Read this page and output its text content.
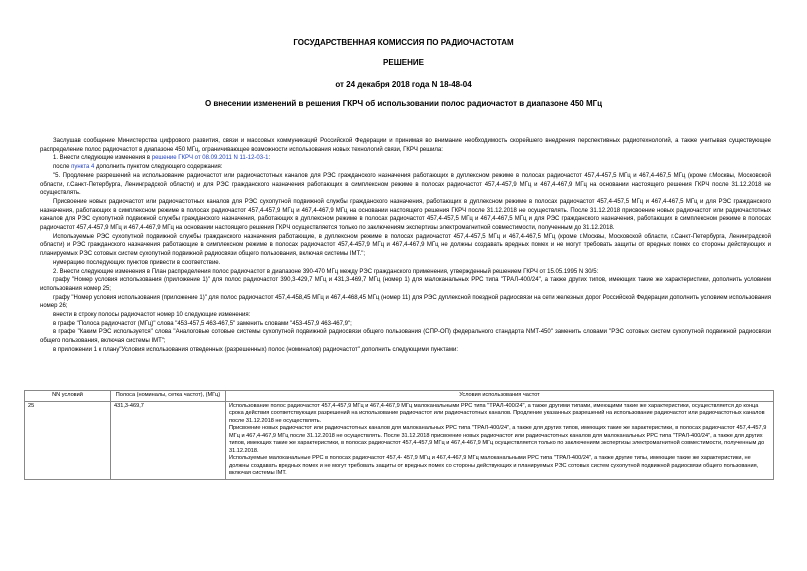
ГОСУДАРСТВЕННАЯ КОМИССИЯ ПО РАДИОЧАСТОТАМ
РЕШЕНИЕ
от 24 декабря 2018 года N 18-48-04
О внесении изменений в решения ГКРЧ об использовании полос радиочастот в диапазоне 450 МГц

Заслушав сообщение Министерства цифрового развития, связи и массовых коммуникаций Российской Федерации и принимая во внимание необходимость скорейшего внедрения перспективных радиотехнологий, а также учитывая существующее распределение полос радиочастот в диапазоне 450 МГц, ограничивающее возможности использования новых технологий связи, ГКРЧ решила:

1. Внести следующие изменения в решение ГКРЧ от 08.09.2011 N 11-12-03-1:

после пункта 4 дополнить пунктом следующего содержания:

"5. Продление разрешений на использование радиочастот или радиочастотных каналов для РЭС гражданского назначения работающих в дуплексном режиме в полосах радиочастот 457,4-457,5 МГц и 467,4-467,5 МГц (кроме г.Москвы, Московской области, г.Санкт-Петербурга, Ленинградской области) и для РЭС гражданского назначения работающих в симплексном режиме в полосах радиочастот 457,4-457,9 МГц и 467,4-467,9 МГц на основании настоящего решения ГКРЧ после 31.12.2018 не осуществлять.

Присвоение новых радиочастот или радиочастотных каналов для РЭС сухопутной подвижной службы гражданского назначения, работающих в дуплексном режиме в полосах радиочастот 457,4-457,5 МГц и 467,4-467,5 МГц и для РЭС гражданского назначения, работающих в симплексном режиме в полосах радиочастот 457,4-457,9 МГц и 467,4-467,9 МГц на основании настоящего решения ГКРЧ после 31.12.2018 не осуществлять. После 31.12.2018 присвоение новых радиочастот или радиочастотных каналов для РЭС сухопутной подвижной службы гражданского назначения, работающих в дуплексном режиме в полосах радиочастот 457,4-457,5 МГц и 467,4-467,5 МГц и для РЭС гражданского назначения, работающих в симплексном режиме в полосах радиочастот 457,4-457,9 МГц и 467,4-467,9 МГц на основании настоящего решения ГКРЧ осуществляется только по заключениям экспертизы электромагнитной совместимости, полученным до 31.12.2018.

Используемые РЭС сухопутной подвижной службы гражданского назначения работающие, в дуплексном режиме в полосах радиочастот 457,4-457,5 МГц и 467,4-467,5 МГц (кроме г.Москвы, Московской области, г.Санкт-Петербурга, Ленинградской области) и РЭС гражданского назначения работающие в симплексном режиме в полосах радиочастот 457,4-457,9 МГц и 467,4-467,9 МГц не должны создавать вредных помех и не могут требовать защиты от вредных помех со стороны действующих и планируемых РЭС сотовых систем сухопутной подвижной радиосвязи общего пользования, включая системы IMT.";

нумерацию последующих пунктов привести в соответствие.

2. Внести следующие изменения в План распределения полос радиочастот в диапазоне 390-470 МГц между РЭС гражданского применения, утвержденный решением ГКРЧ от 15.05.1995 N 30/5:

графу "Номер условия использования (приложение 1)" для полос радиочастот 390,3-429,7 МГц и 431,3-469,7 МГц (номер 1) для малоканальных РРС типа "ТРАЛ-400/24", а также других типов, имеющих такие же характеристики, дополнить условием использования номер 25;

графу "Номер условия использования (приложение 1)" для полос радиочастот 457,4-458,45 МГц и 467,4-468,45 МГц (номер 11) для РЭС дуплексной поездной радиосвязи на сети железных дорог Российской Федерации дополнить условием использования номер 26;

внести в строку полосы радиочастот номер 10 следующие изменения:

в графе "Полоса радиочастот (МГц)" слова "453-457,5 463-467,5" заменить словами "453-457,9 463-467,9";

в графе "Каким РЭС используется" слова "Аналоговые сотовые системы сухопутной подвижной радиосвязи общего пользования (СПР-ОП) федерального стандарта NMT-450" заменить словами "РЭС сотовых систем сухопутной подвижной радиосвязи общего пользования, включая системы IMT";

в приложении 1 к плану"Условия использования отведенных (разрешенных) полос (номиналов) радиочастот" дополнить следующими пунктами:

NN условий	Полоса (номиналы, сетка частот), (МГц)	Условия использования частот
25	431,3-469,7	Использование полос радиочастот 457,4-457,9 МГц и 467,4-467,9 МГц малоканальными РРС типа "ТРАЛ-400/24", а также другими типами, имеющими такие же характеристики, осуществляется до конца срока действия соответствующих разрешений на использование радиочастот или радиочастотных каналов. Продление указанных разрешений на использование радиочастот или радиочастотных каналов после 31.12.2018 не осуществлять.

Присвоение новых радиочастот или радиочастотных каналов для малоканальных РРС типа "ТРАЛ-400/24", а также для других типов, имеющих такие же характеристики, в полосах радиочастот 457,4-457,9 МГц и 467,4-467,9 МГц после 31.12.2018 не осуществлять. После 31.12.2018 присвоение новых радиочастот или радиочастотных каналов для малоканальных РРС типа "ТРАЛ-400/24", а также для других типов, имеющих такие же характеристики, в полосах радиочастот 457,4-457,9 МГц и 467,4-467,9 МГц осуществляется только по заключениям экспертизы электромагнитной совместимости, полученным до 31.12.2018.

Используемые малоканальные РРС в полосах радиочастот 457,4- 457,9 МГц и 467,4-467,9 МГц малоканальными РРС типа "ТРАЛ-400/24", а также другие типы, имеющие такие же характеристики, не должны создавать вредных помех и не могут требовать защиты от вредных помех со стороны действующих и планируемых РЭС сотовых систем сухопутной подвижной радиосвязи общего пользования, включая системы IMT.
